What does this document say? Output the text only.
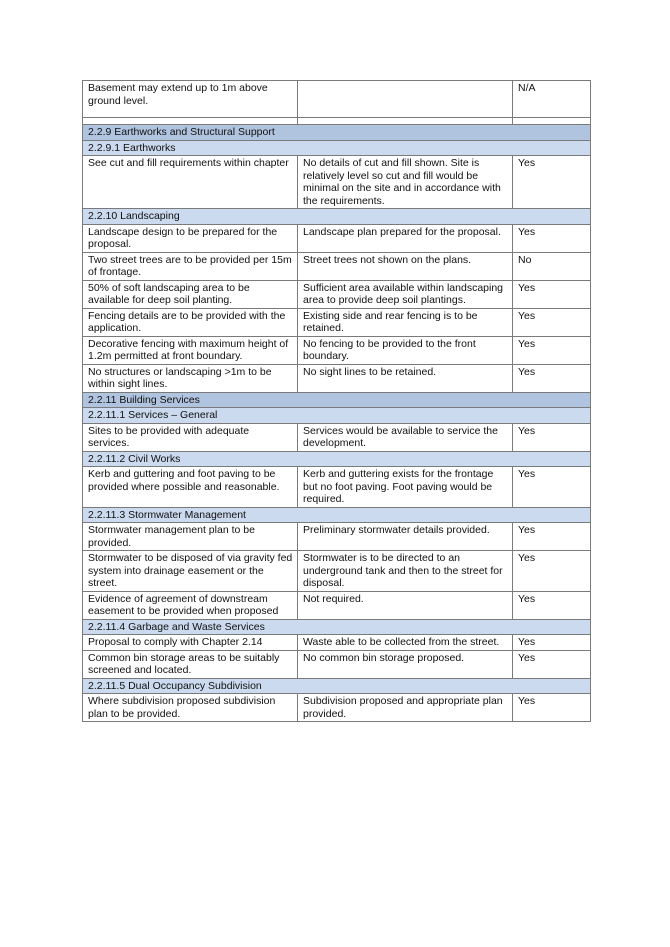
Basement may extend up to 1m above ground level.		N/A

2.2.9 Earthworks and Structural Support		
2.2.9.1 Earthworks		
See cut and fill requirements within chapter	No details of cut and fill shown. Site is relatively level so cut and fill would be minimal on the site and in accordance with the requirements.	Yes
2.2.10 Landscaping		
Landscape design to be prepared for the proposal.	Landscape plan prepared for the proposal.	Yes
Two street trees are to be provided per 15m of frontage.	Street trees not shown on the plans.	No
50% of soft landscaping area to be available for deep soil planting.	Sufficient area available within landscaping area to provide deep soil plantings.	Yes
Fencing details are to be provided with the application.	Existing side and rear fencing is to be retained.	Yes
Decorative fencing with maximum height of 1.2m permitted at front boundary.	No fencing to be provided to the front boundary.	Yes
No structures or landscaping >1m to be within sight lines.	No sight lines to be retained.	Yes
2.2.11 Building Services		
2.2.11.1 Services – General		
Sites to be provided with adequate services.	Services would be available to service the development.	Yes
2.2.11.2 Civil Works		
Kerb and guttering and foot paving to be provided where possible and reasonable.	Kerb and guttering exists for the frontage but no foot paving. Foot paving would be required.	Yes
2.2.11.3 Stormwater Management		
Stormwater management plan to be provided.	Preliminary stormwater details provided.	Yes
Stormwater to be disposed of via gravity fed system into drainage easement or the street.	Stormwater is to be directed to an underground tank and then to the street for disposal.	Yes
Evidence of agreement of downstream easement to be provided when proposed	Not required.	Yes
2.2.11.4 Garbage and Waste Services		
Proposal to comply with Chapter 2.14	Waste able to be collected from the street.	Yes
Common bin storage areas to be suitably screened and located.	No common bin storage proposed.	Yes
2.2.11.5 Dual Occupancy Subdivision		
Where subdivision proposed subdivision plan to be provided.	Subdivision proposed and appropriate plan provided.	Yes
